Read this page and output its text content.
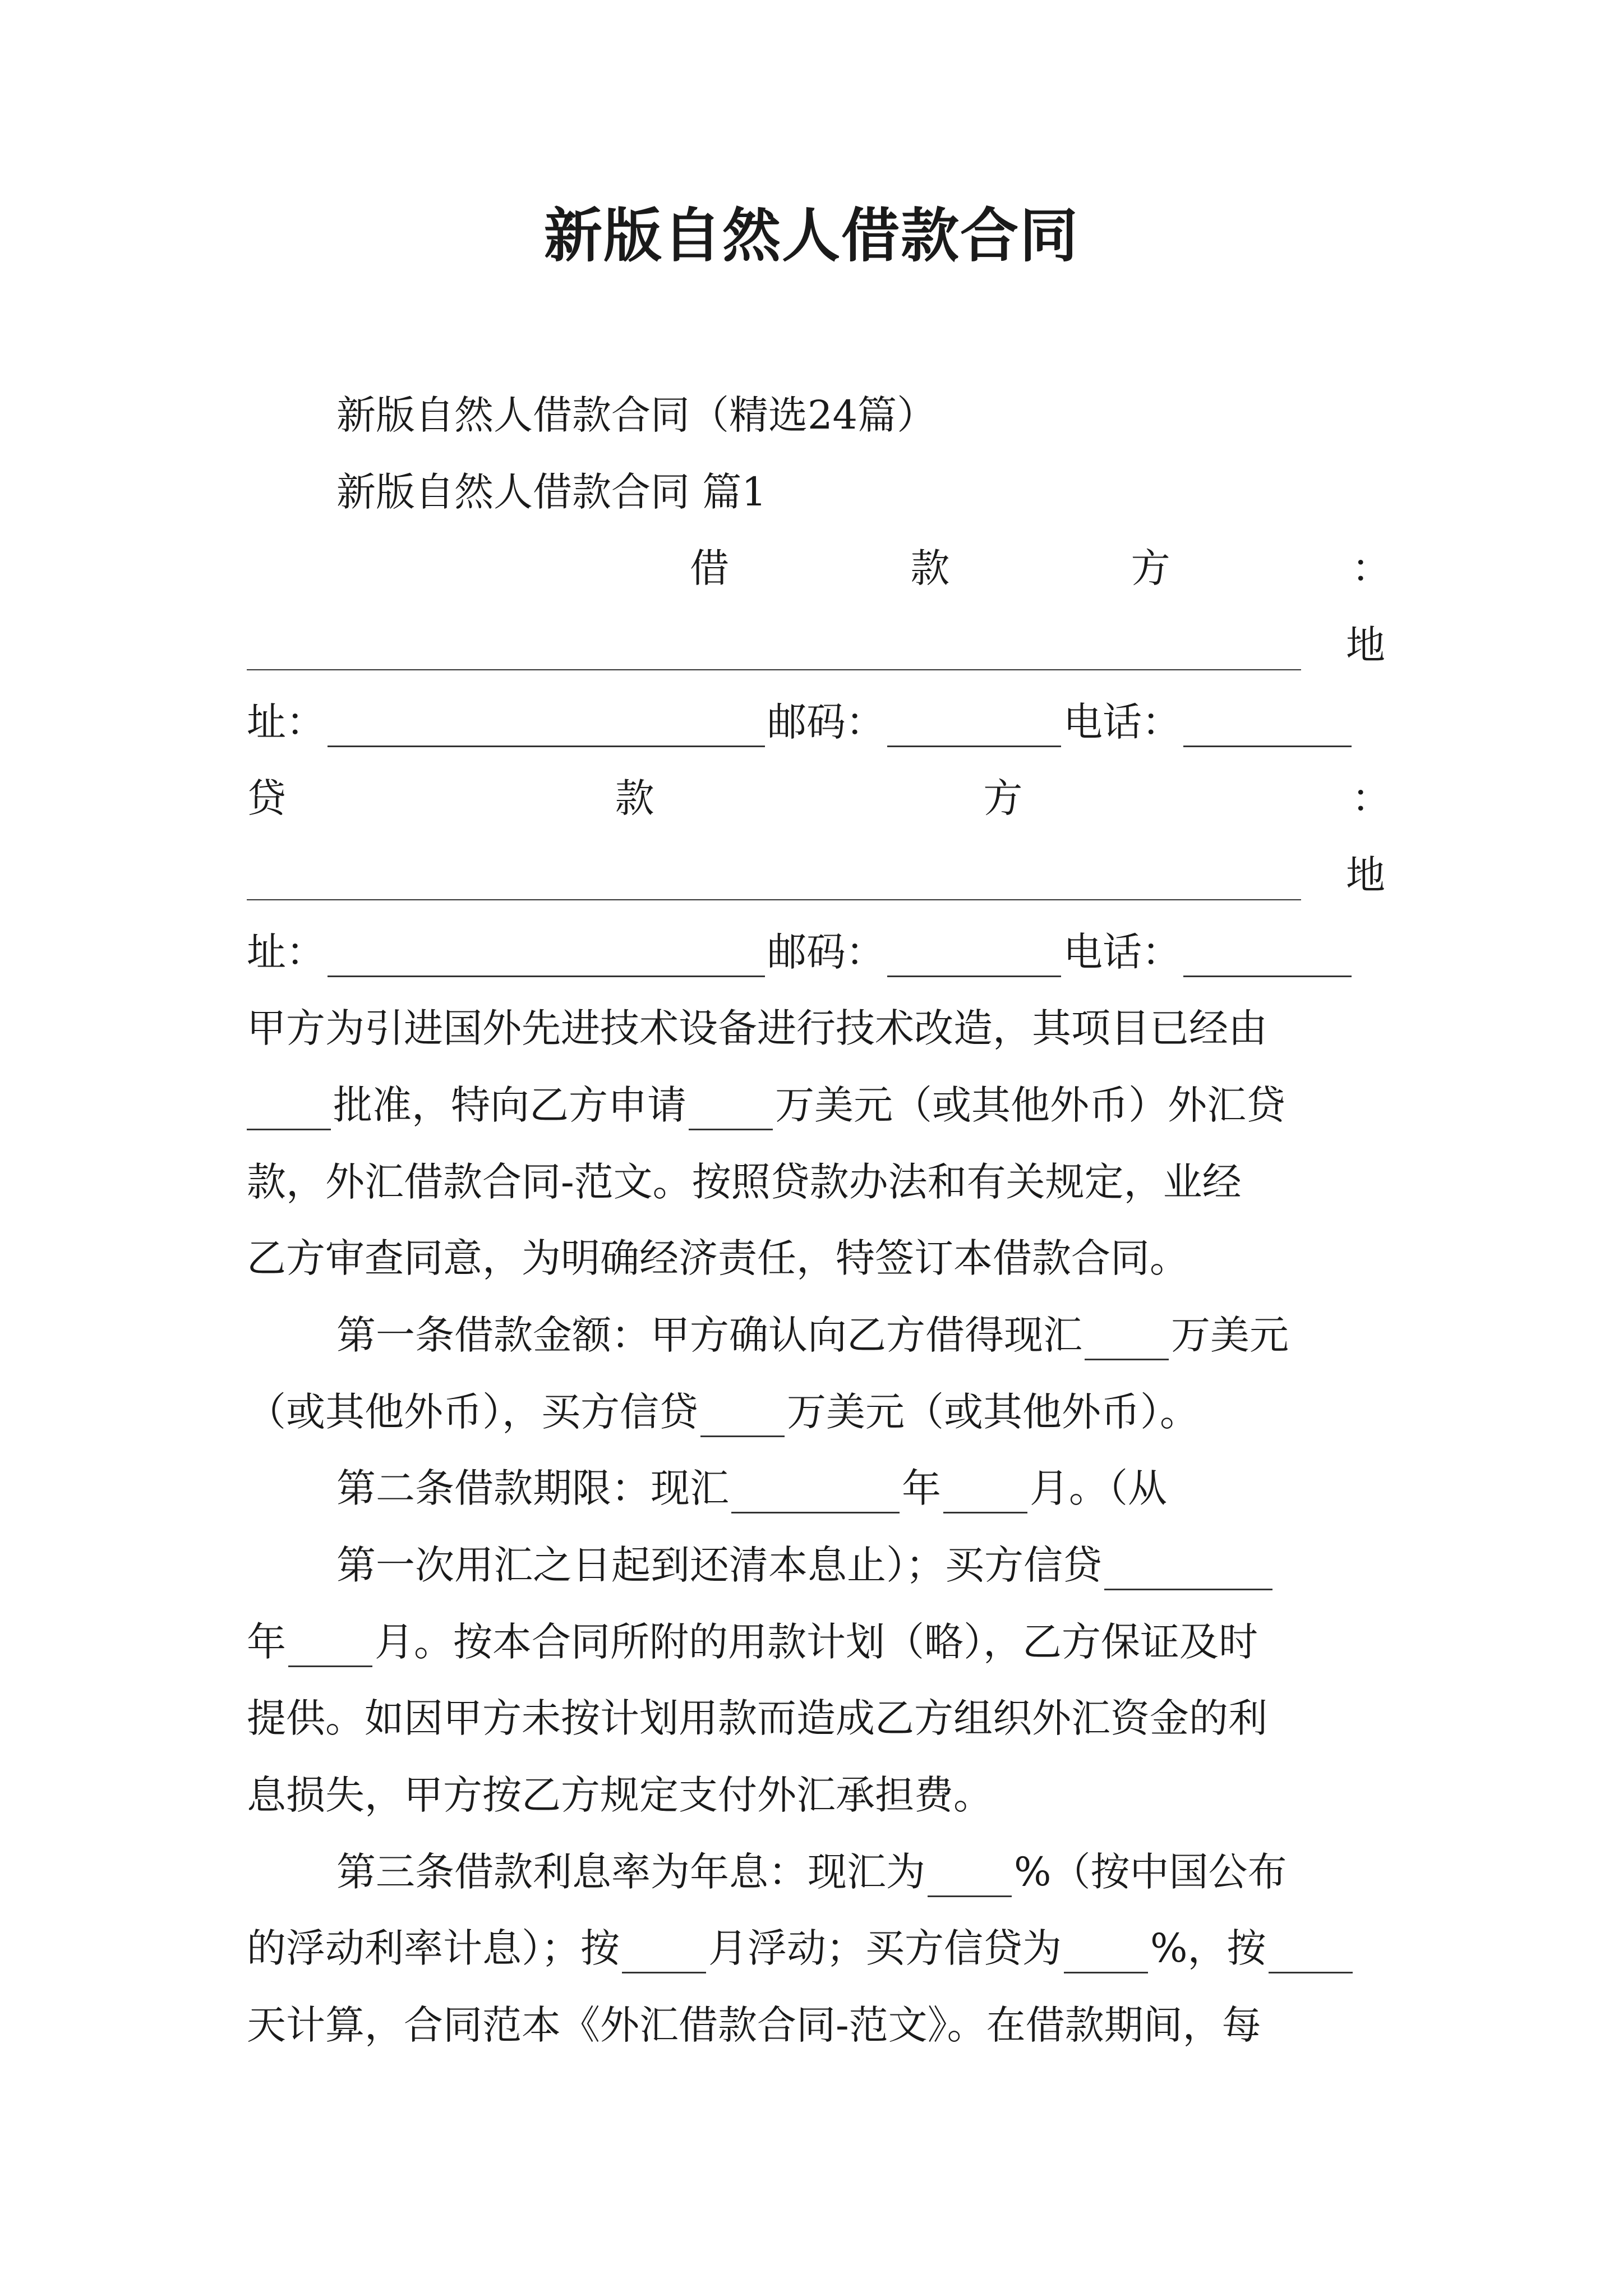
新版自然人借款合同
新版自然人借款合同（精选24篇）
新版自然人借款合同 篇1
借	款	方	：
地
址：	邮码：	电话：
贷	款	方	：
地
址：	邮码：	电话：
甲方为引进国外先进技术设备进行技术改造，其项目已经由
批准，特向乙方申请 万美元（或其他外币）外汇贷
款，外汇借款合同-范文。按照贷款办法和有关规定，业经
乙方审查同意，为明确经济责任，特签订本借款合同。
第一条借款金额：甲方确认向乙方借得现汇 万美元
（或其他外币），买方信贷 万美元（或其他外币）。
第二条借款期限：现汇	年 月。（从
第一次用汇之日起到还清本息止）；买方信贷
年 月。按本合同所附的用款计划（略），乙方保证及时
提供。如因甲方未按计划用款而造成乙方组织外汇资金的利
息损失，甲方按乙方规定支付外汇承担费。
第三条借款利息率为年息：现汇为 %（按中国公布
的浮动利率计息）；按 月浮动；买方信贷为 %，按
天计算，合同范本《外汇借款合同-范文》。在借款期间，每
